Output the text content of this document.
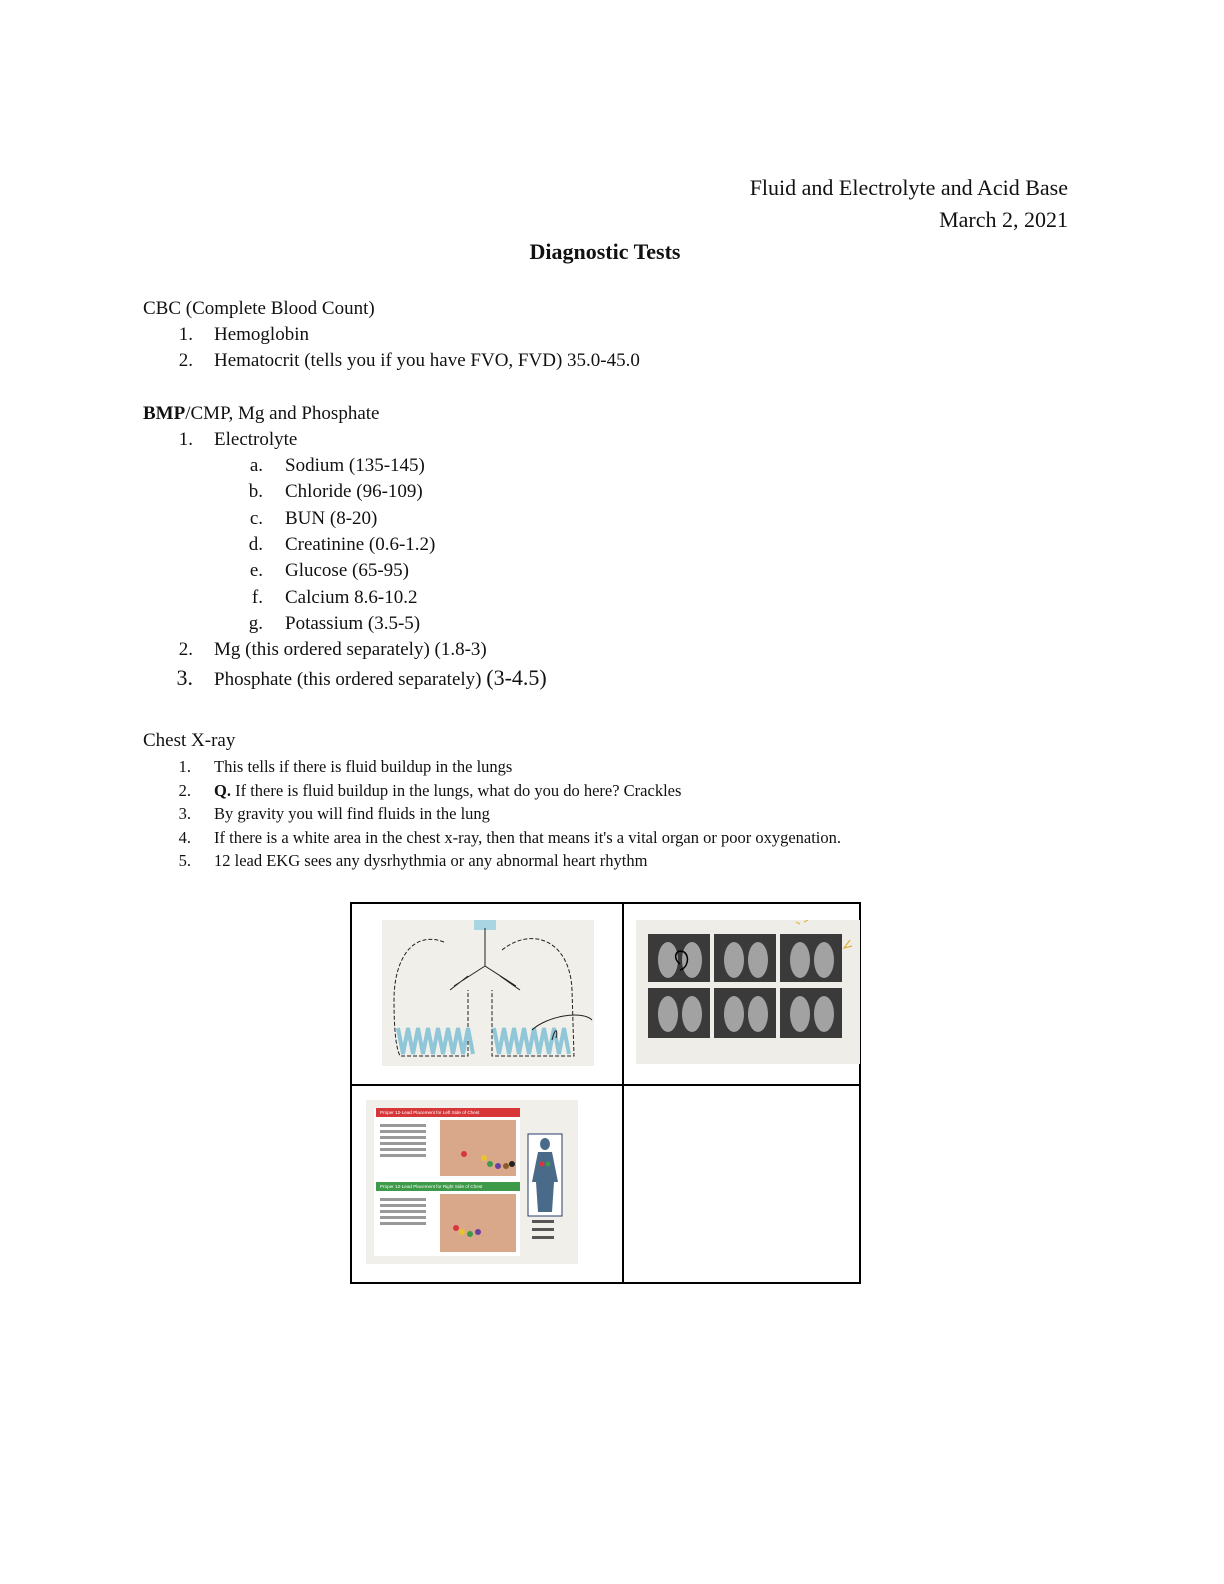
Fluid and Electrolyte and Acid Base
March 2, 2021
Diagnostic Tests
CBC (Complete Blood Count)
1. Hemoglobin
2. Hematocrit (tells you if you have FVO, FVD) 35.0-45.0
BMP/CMP, Mg and Phosphate
1. Electrolyte
a. Sodium (135-145)
b. Chloride (96-109)
c. BUN (8-20)
d. Creatinine (0.6-1.2)
e. Glucose (65-95)
f. Calcium 8.6-10.2
g. Potassium (3.5-5)
2. Mg (this ordered separately) (1.8-3)
3. Phosphate (this ordered separately) (3-4.5)
Chest X-ray
1. This tells if there is fluid buildup in the lungs
2. Q. If there is fluid buildup in the lungs, what do you do here? Crackles
3. By gravity you will find fluids in the lung
4. If there is a white area in the chest x-ray, then that means it's a vital organ or poor oxygenation.
5. 12 lead EKG sees any dysrhythmia or any abnormal heart rhythm

Proper 12-Lead Placement for Left Side of Chest
Proper 12-Lead Placement for Right Side of Chest	
